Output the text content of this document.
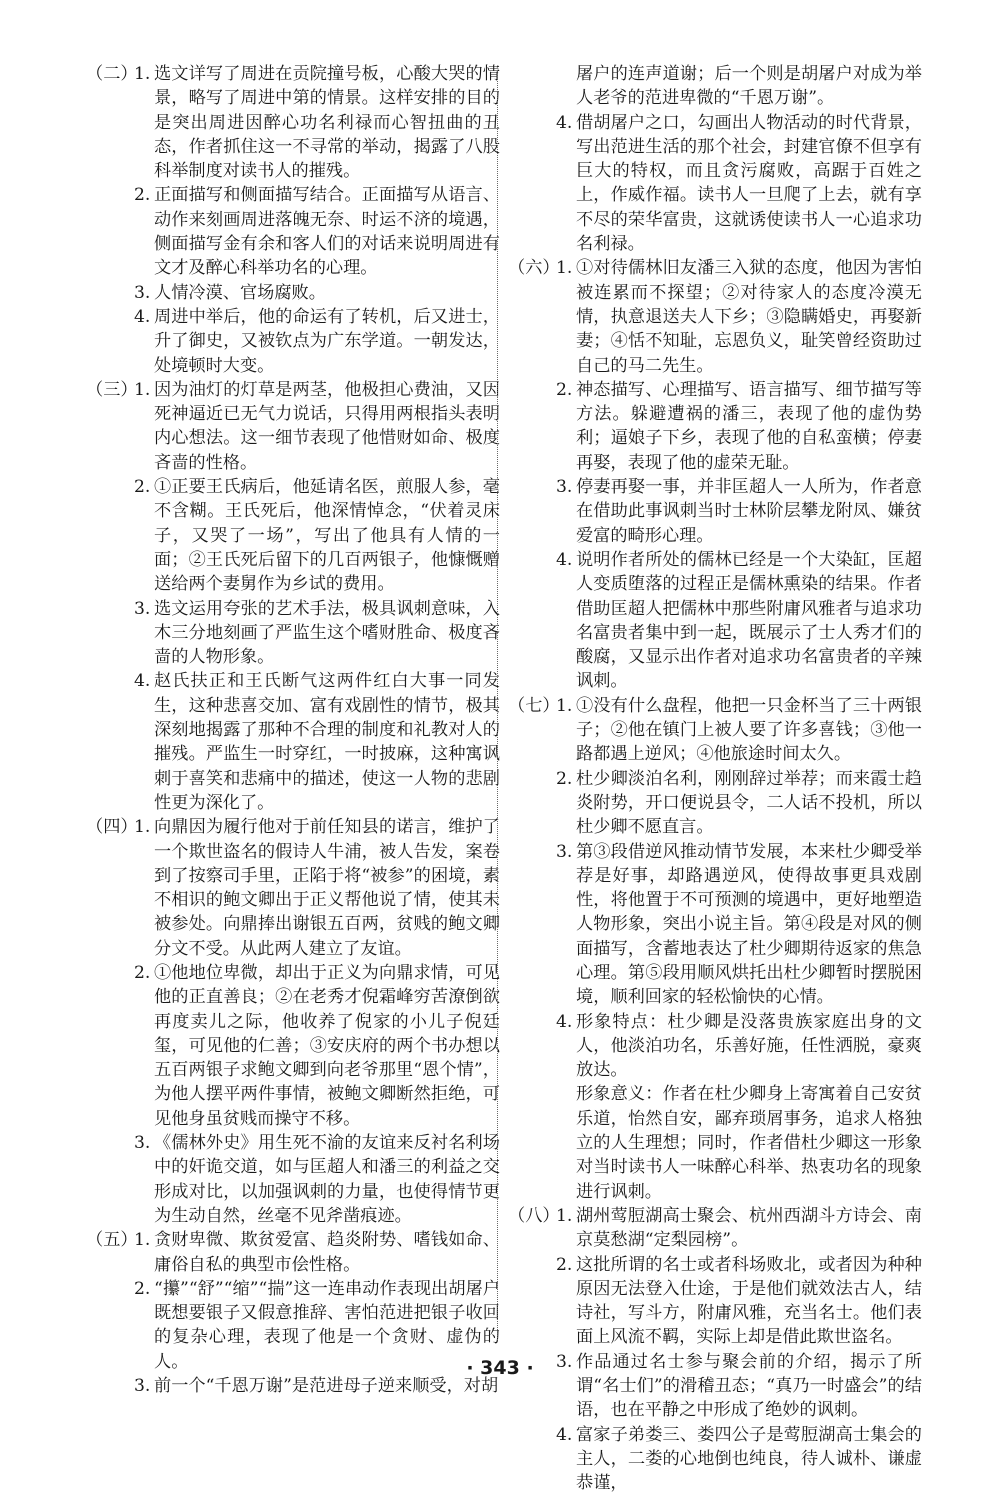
（二）1. 选文详写了周进在贡院撞号板，心酸大哭的情景，略写了周进中第的情景。这样安排的目的是突出周进因醉心功名利禄而心智扭曲的丑态，作者抓住这一不寻常的举动，揭露了八股科举制度对读书人的摧残。
2. 正面描写和侧面描写结合。正面描写从语言、动作来刻画周进落魄无奈、时运不济的境遇，侧面描写金有余和客人们的对话来说明周进有文才及醉心科举功名的心理。
3. 人情冷漠、官场腐败。
4. 周进中举后，他的命运有了转机，后又进士，升了御史，又被钦点为广东学道。一朝发达，处境顿时大变。
（三）1. 因为油灯的灯草是两茎，他极担心费油，又因死神逼近已无气力说话，只得用两根指头表明内心想法。这一细节表现了他惜财如命、极度吝啬的性格。
2. ①正要王氏病后，他延请名医，煎服人参，毫不含糊。王氏死后，他深情悼念，“伏着灵床子，又哭了一场”，写出了他具有人情的一面；②王氏死后留下的几百两银子，他慷慨赠送给两个妻舅作为乡试的费用。
3. 选文运用夸张的艺术手法，极具讽刺意味，入木三分地刻画了严监生这个嗜财胜命、极度吝啬的人物形象。
4. 赵氏扶正和王氏断气这两件红白大事一同发生，这种悲喜交加、富有戏剧性的情节，极其深刻地揭露了那种不合理的制度和礼教对人的摧残。严监生一时穿红，一时披麻，这种寓讽刺于喜笑和悲痛中的描述，使这一人物的悲剧性更为深化了。
（四）1. 向鼎因为履行他对于前任知县的诺言，维护了一个欺世盗名的假诗人牛浦，被人告发，案卷到了按察司手里，正陷于将“被参”的困境，素不相识的鲍文卿出于正义帮他说了情，使其未被参处。向鼎捧出谢银五百两，贫贱的鲍文卿分文不受。从此两人建立了友谊。
2. ①他地位卑微，却出于正义为向鼎求情，可见他的正直善良；②在老秀才倪霜峰穷苦潦倒欲再度卖儿之际，他收养了倪家的小儿子倪廷玺，可见他的仁善；③安庆府的两个书办想以五百两银子求鲍文卿到向老爷那里“恩个情”，为他人摆平两件事情，被鲍文卿断然拒绝，可见他身虽贫贱而操守不移。
3. 《儒林外史》用生死不渝的友谊来反衬名利场中的奸诡交道，如与匡超人和潘三的利益之交形成对比，以加强讽刺的力量，也使得情节更为生动自然，丝毫不见斧凿痕迹。
（五）1. 贪财卑微、欺贫爱富、趋炎附势、嗜钱如命、庸俗自私的典型市侩性格。
2. “攥”“舒”“缩”“揣”这一连串动作表现出胡屠户既想要银子又假意推辞、害怕范进把银子收回的复杂心理，表现了他是一个贪财、虚伪的人。
3. 前一个“千恩万谢”是范进母子逆来顺受，对胡
屠户的连声道谢；后一个则是胡屠户对成为举人老爷的范进卑微的“千恩万谢”。
4. 借胡屠户之口，勾画出人物活动的时代背景，写出范进生活的那个社会，封建官僚不但享有巨大的特权，而且贪污腐败，高踞于百姓之上，作威作福。读书人一旦爬了上去，就有享不尽的荣华富贵，这就诱使读书人一心追求功名利禄。
（六）1. ①对待儒林旧友潘三入狱的态度，他因为害怕被连累而不探望；②对待家人的态度冷漠无情，执意退送夫人下乡；③隐瞒婚史，再娶新妻；④恬不知耻，忘恩负义，耻笑曾经资助过自己的马二先生。
2. 神态描写、心理描写、语言描写、细节描写等方法。躲避遭祸的潘三，表现了他的虚伪势利；逼娘子下乡，表现了他的自私蛮横；停妻再娶，表现了他的虚荣无耻。
3. 停妻再娶一事，并非匡超人一人所为，作者意在借助此事讽刺当时士林阶层攀龙附凤、嫌贫爱富的畸形心理。
4. 说明作者所处的儒林已经是一个大染缸，匡超人变质堕落的过程正是儒林熏染的结果。作者借助匡超人把儒林中那些附庸风雅者与追求功名富贵者集中到一起，既展示了士人秀才们的酸腐，又显示出作者对追求功名富贵者的辛辣讽刺。
（七）1. ①没有什么盘程，他把一只金杯当了三十两银子；②他在镇门上被人要了许多喜钱；③他一路都遇上逆风；④他旅途时间太久。
2. 杜少卿淡泊名利，刚刚辞过举荐；而来霞士趋炎附势，开口便说县令，二人话不投机，所以杜少卿不愿直言。
3. 第③段借逆风推动情节发展，本来杜少卿受举荐是好事，却路遇逆风，使得故事更具戏剧性，将他置于不可预测的境遇中，更好地塑造人物形象，突出小说主旨。第④段是对风的侧面描写，含蓄地表达了杜少卿期待返家的焦急心理。第⑤段用顺风烘托出杜少卿暂时摆脱困境，顺利回家的轻松愉快的心情。
4. 形象特点：杜少卿是没落贵族家庭出身的文人，他淡泊功名，乐善好施，任性洒脱，豪爽放达。
形象意义：作者在杜少卿身上寄寓着自己安贫乐道，怡然自安，鄙弃琐屑事务，追求人格独立的人生理想；同时，作者借杜少卿这一形象对当时读书人一味醉心科举、热衷功名的现象进行讽刺。
（八）1. 湖州莺脰湖高士聚会、杭州西湖斗方诗会、南京莫愁湖“定梨园榜”。
2. 这批所谓的名士或者科场败北，或者因为种种原因无法登入仕途，于是他们就效法古人，结诗社，写斗方，附庸风雅，充当名士。他们表面上风流不羁，实际上却是借此欺世盗名。
3. 作品通过名士参与聚会前的介绍，揭示了所谓“名士们”的滑稽丑态；“真乃一时盛会”的结语，也在平静之中形成了绝妙的讽刺。
4. 富家子弟娄三、娄四公子是莺脰湖高士集会的主人，二娄的心地倒也纯良，待人诚朴、谦虚恭谨，
· 343 ·
